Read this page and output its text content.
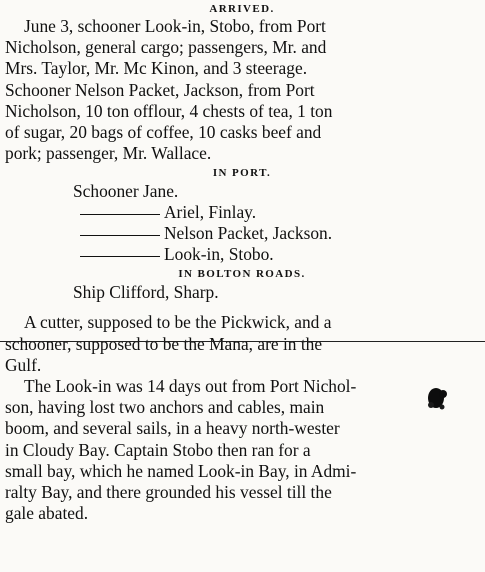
ARRIVED.
June 3, schooner Look-in, Stobo, from Port
Nicholson, general cargo; passengers, Mr. and
Mrs. Taylor, Mr. Mc Kinon, and 3 steerage.
Schooner Nelson Packet, Jackson, from Port
Nicholson, 10 ton offlour, 4 chests of tea, 1 ton
of sugar, 20 bags of coffee, 10 casks beef and
pork; passenger, Mr. Wallace.
IN PORT.
Schooner Jane.
Ariel, Finlay.
Nelson Packet, Jackson.
Look-in, Stobo.
IN BOLTON ROADS.
Ship Clifford, Sharp.
A cutter, supposed to be the Pickwick, and a
schooner, supposed to be the Mana, are in the
Gulf.
The Look-in was 14 days out from Port Nichol-
son, having lost two anchors and cables, main
boom, and several sails, in a heavy north-wester
in Cloudy Bay. Captain Stobo then ran for a
small bay, which he named Look-in Bay, in Admi-
ralty Bay, and there grounded his vessel till the
gale abated.
